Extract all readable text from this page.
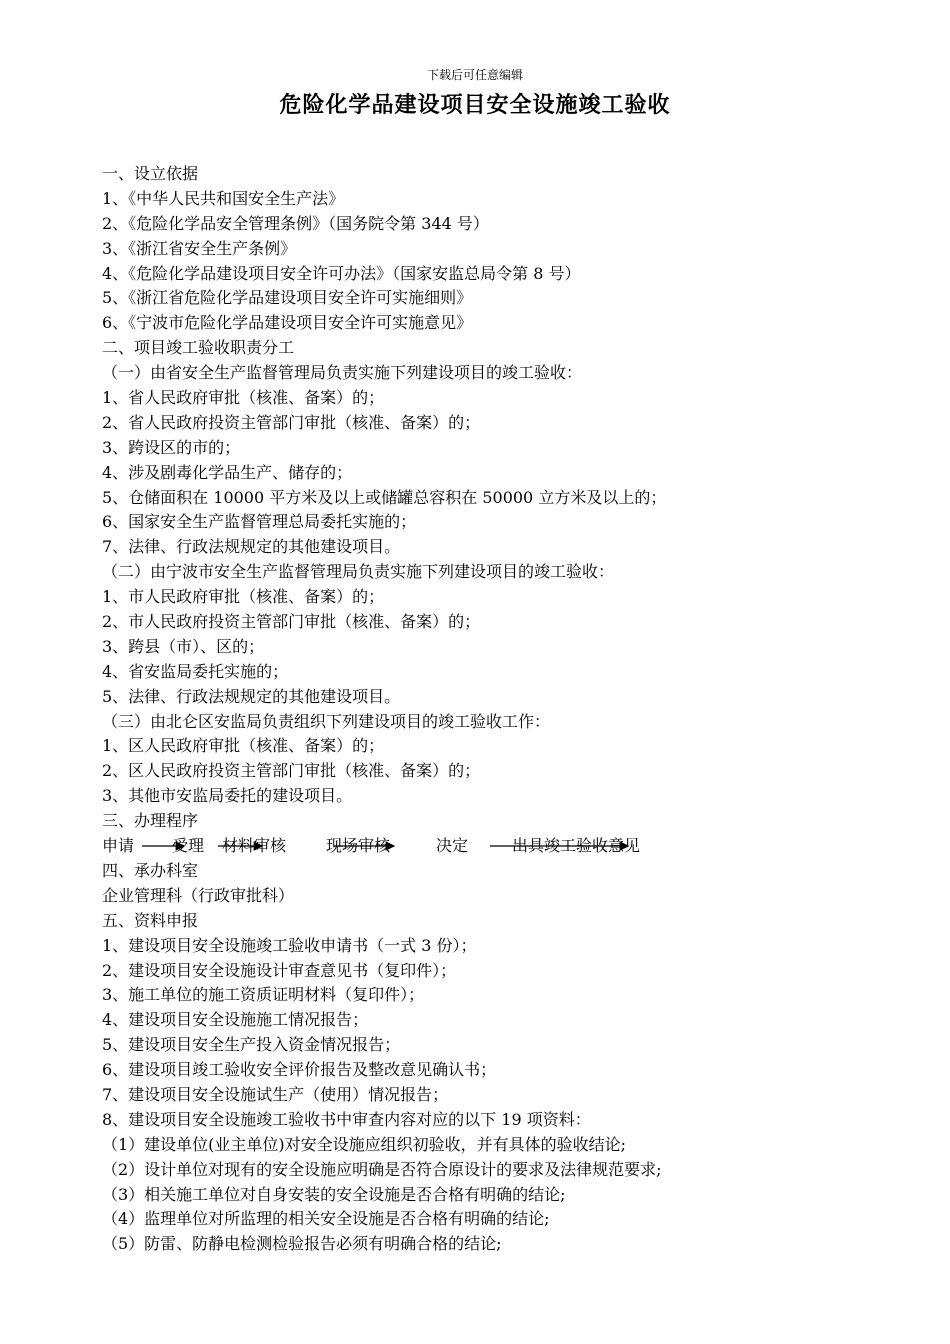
下载后可任意编辑
危险化学品建设项目安全设施竣工验收
一、设立依据
1、《中华人民共和国安全生产法》
2、《危险化学品安全管理条例》（国务院令第 344 号）
3、《浙江省安全生产条例》
4、《危险化学品建设项目安全许可办法》（国家安监总局令第 8 号）
5、《浙江省危险化学品建设项目安全许可实施细则》
6、《宁波市危险化学品建设项目安全许可实施意见》
二、项目竣工验收职责分工
（一）由省安全生产监督管理局负责实施下列建设项目的竣工验收：
1、省人民政府审批（核准、备案）的；
2、省人民政府投资主管部门审批（核准、备案）的；
3、跨设区的市的；
4、涉及剧毒化学品生产、储存的；
5、仓储面积在 10000 平方米及以上或储罐总容积在 50000 立方米及以上的；
6、国家安全生产监督管理总局委托实施的；
7、法律、行政法规规定的其他建设项目。
（二）由宁波市安全生产监督管理局负责实施下列建设项目的竣工验收：
1、市人民政府审批（核准、备案）的；
2、市人民政府投资主管部门审批（核准、备案）的；
3、跨县（市）、区的；
4、省安监局委托实施的；
5、法律、行政法规规定的其他建设项目。
（三）由北仑区安监局负责组织下列建设项目的竣工验收工作：
1、区人民政府审批（核准、备案）的；
2、区人民政府投资主管部门审批（核准、备案）的；
3、其他市安监局委托的建设项目。
三、办理程序
申请 受理 材料审核 现场审核	决定	出具竣工验收意见
四、承办科室
企业管理科（行政审批科）
五、资料申报
1、建设项目安全设施竣工验收申请书（一式 3 份）；
2、建设项目安全设施设计审查意见书（复印件）；
3、施工单位的施工资质证明材料（复印件）；
4、建设项目安全设施施工情况报告；
5、建设项目安全生产投入资金情况报告；
6、建设项目竣工验收安全评价报告及整改意见确认书；
7、建设项目安全设施试生产（使用）情况报告；
8、建设项目安全设施竣工验收书中审查内容对应的以下 19 项资料：
（1）建设单位(业主单位)对安全设施应组织初验收，并有具体的验收结论;
（2）设计单位对现有的安全设施应明确是否符合原设计的要求及法律规范要求;
（3）相关施工单位对自身安装的安全设施是否合格有明确的结论;
（4）监理单位对所监理的相关安全设施是否合格有明确的结论;
（5）防雷、防静电检测检验报告必须有明确合格的结论;
